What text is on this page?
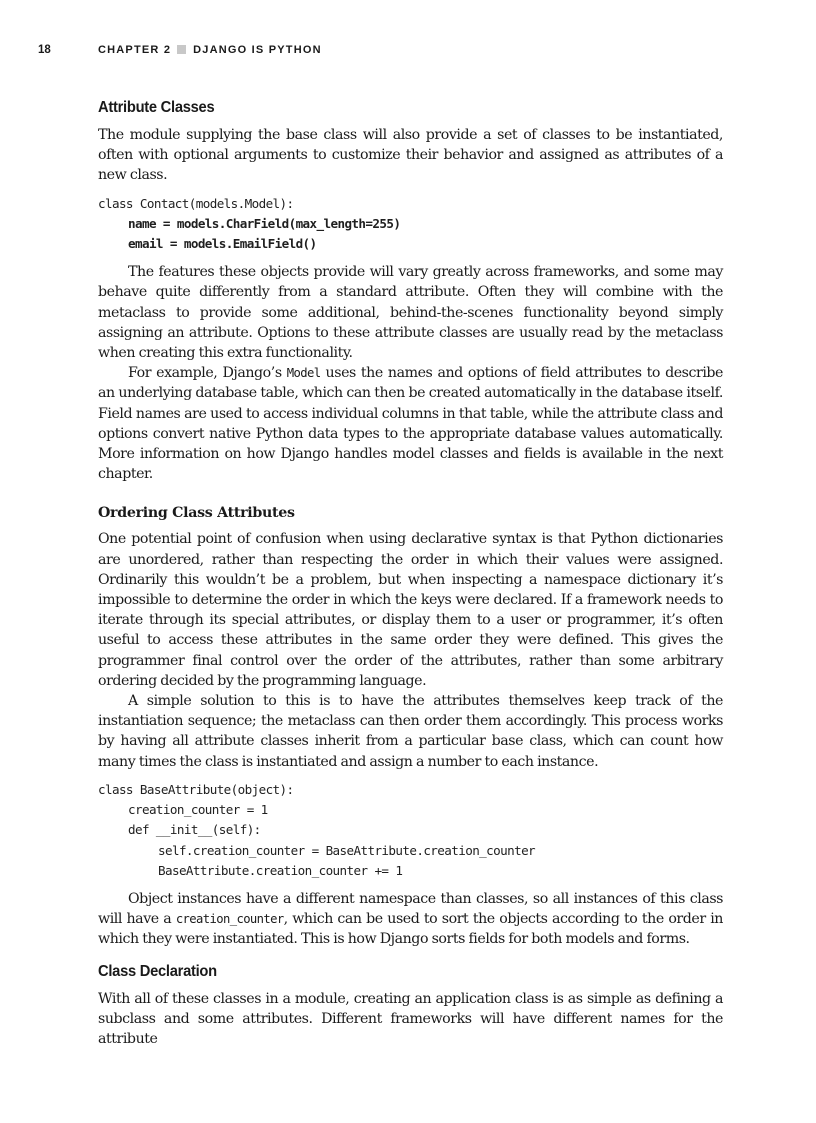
18	CHAPTER 2 DJANGO IS PYTHON
Attribute Classes

The module supplying the base class will also provide a set of classes to be instantiated, often with optional arguments to customize their behavior and assigned as attributes of a new class.

class Contact(models.Model):
name = models.CharField(max_length=255)
email = models.EmailField()

The features these objects provide will vary greatly across frameworks, and some may behave quite differently from a standard attribute. Often they will combine with the metaclass to provide some additional, behind-the-scenes functionality beyond simply assigning an attribute. Options to these attribute classes are usually read by the metaclass when creating this extra functionality.

For example, Django’s Model uses the names and options of field attributes to describe an underlying database table, which can then be created automatically in the database itself. Field names are used to access individual columns in that table, while the attribute class and options convert native Python data types to the appropriate database values automatically. More information on how Django handles model classes and fields is available in the next chapter.

Ordering Class Attributes

One potential point of confusion when using declarative syntax is that Python dictionaries are unordered, rather than respecting the order in which their values were assigned. Ordinarily this wouldn’t be a problem, but when inspecting a namespace dictionary it’s impossible to determine the order in which the keys were declared. If a framework needs to iterate through its special attributes, or display them to a user or programmer, it’s often useful to access these attributes in the same order they were defined. This gives the programmer final control over the order of the attributes, rather than some arbitrary ordering decided by the programming language.

A simple solution to this is to have the attributes themselves keep track of the instantiation sequence; the metaclass can then order them accordingly. This process works by having all attribute classes inherit from a particular base class, which can count how many times the class is instantiated and assign a number to each instance.

class BaseAttribute(object):
creation_counter = 1
def __init__(self):
self.creation_counter = BaseAttribute.creation_counter
BaseAttribute.creation_counter += 1

Object instances have a different namespace than classes, so all instances of this class will have a creation_counter, which can be used to sort the objects according to the order in which they were instantiated. This is how Django sorts fields for both models and forms.

Class Declaration

With all of these classes in a module, creating an application class is as simple as defining a subclass and some attributes. Different frameworks will have different names for the attribute
